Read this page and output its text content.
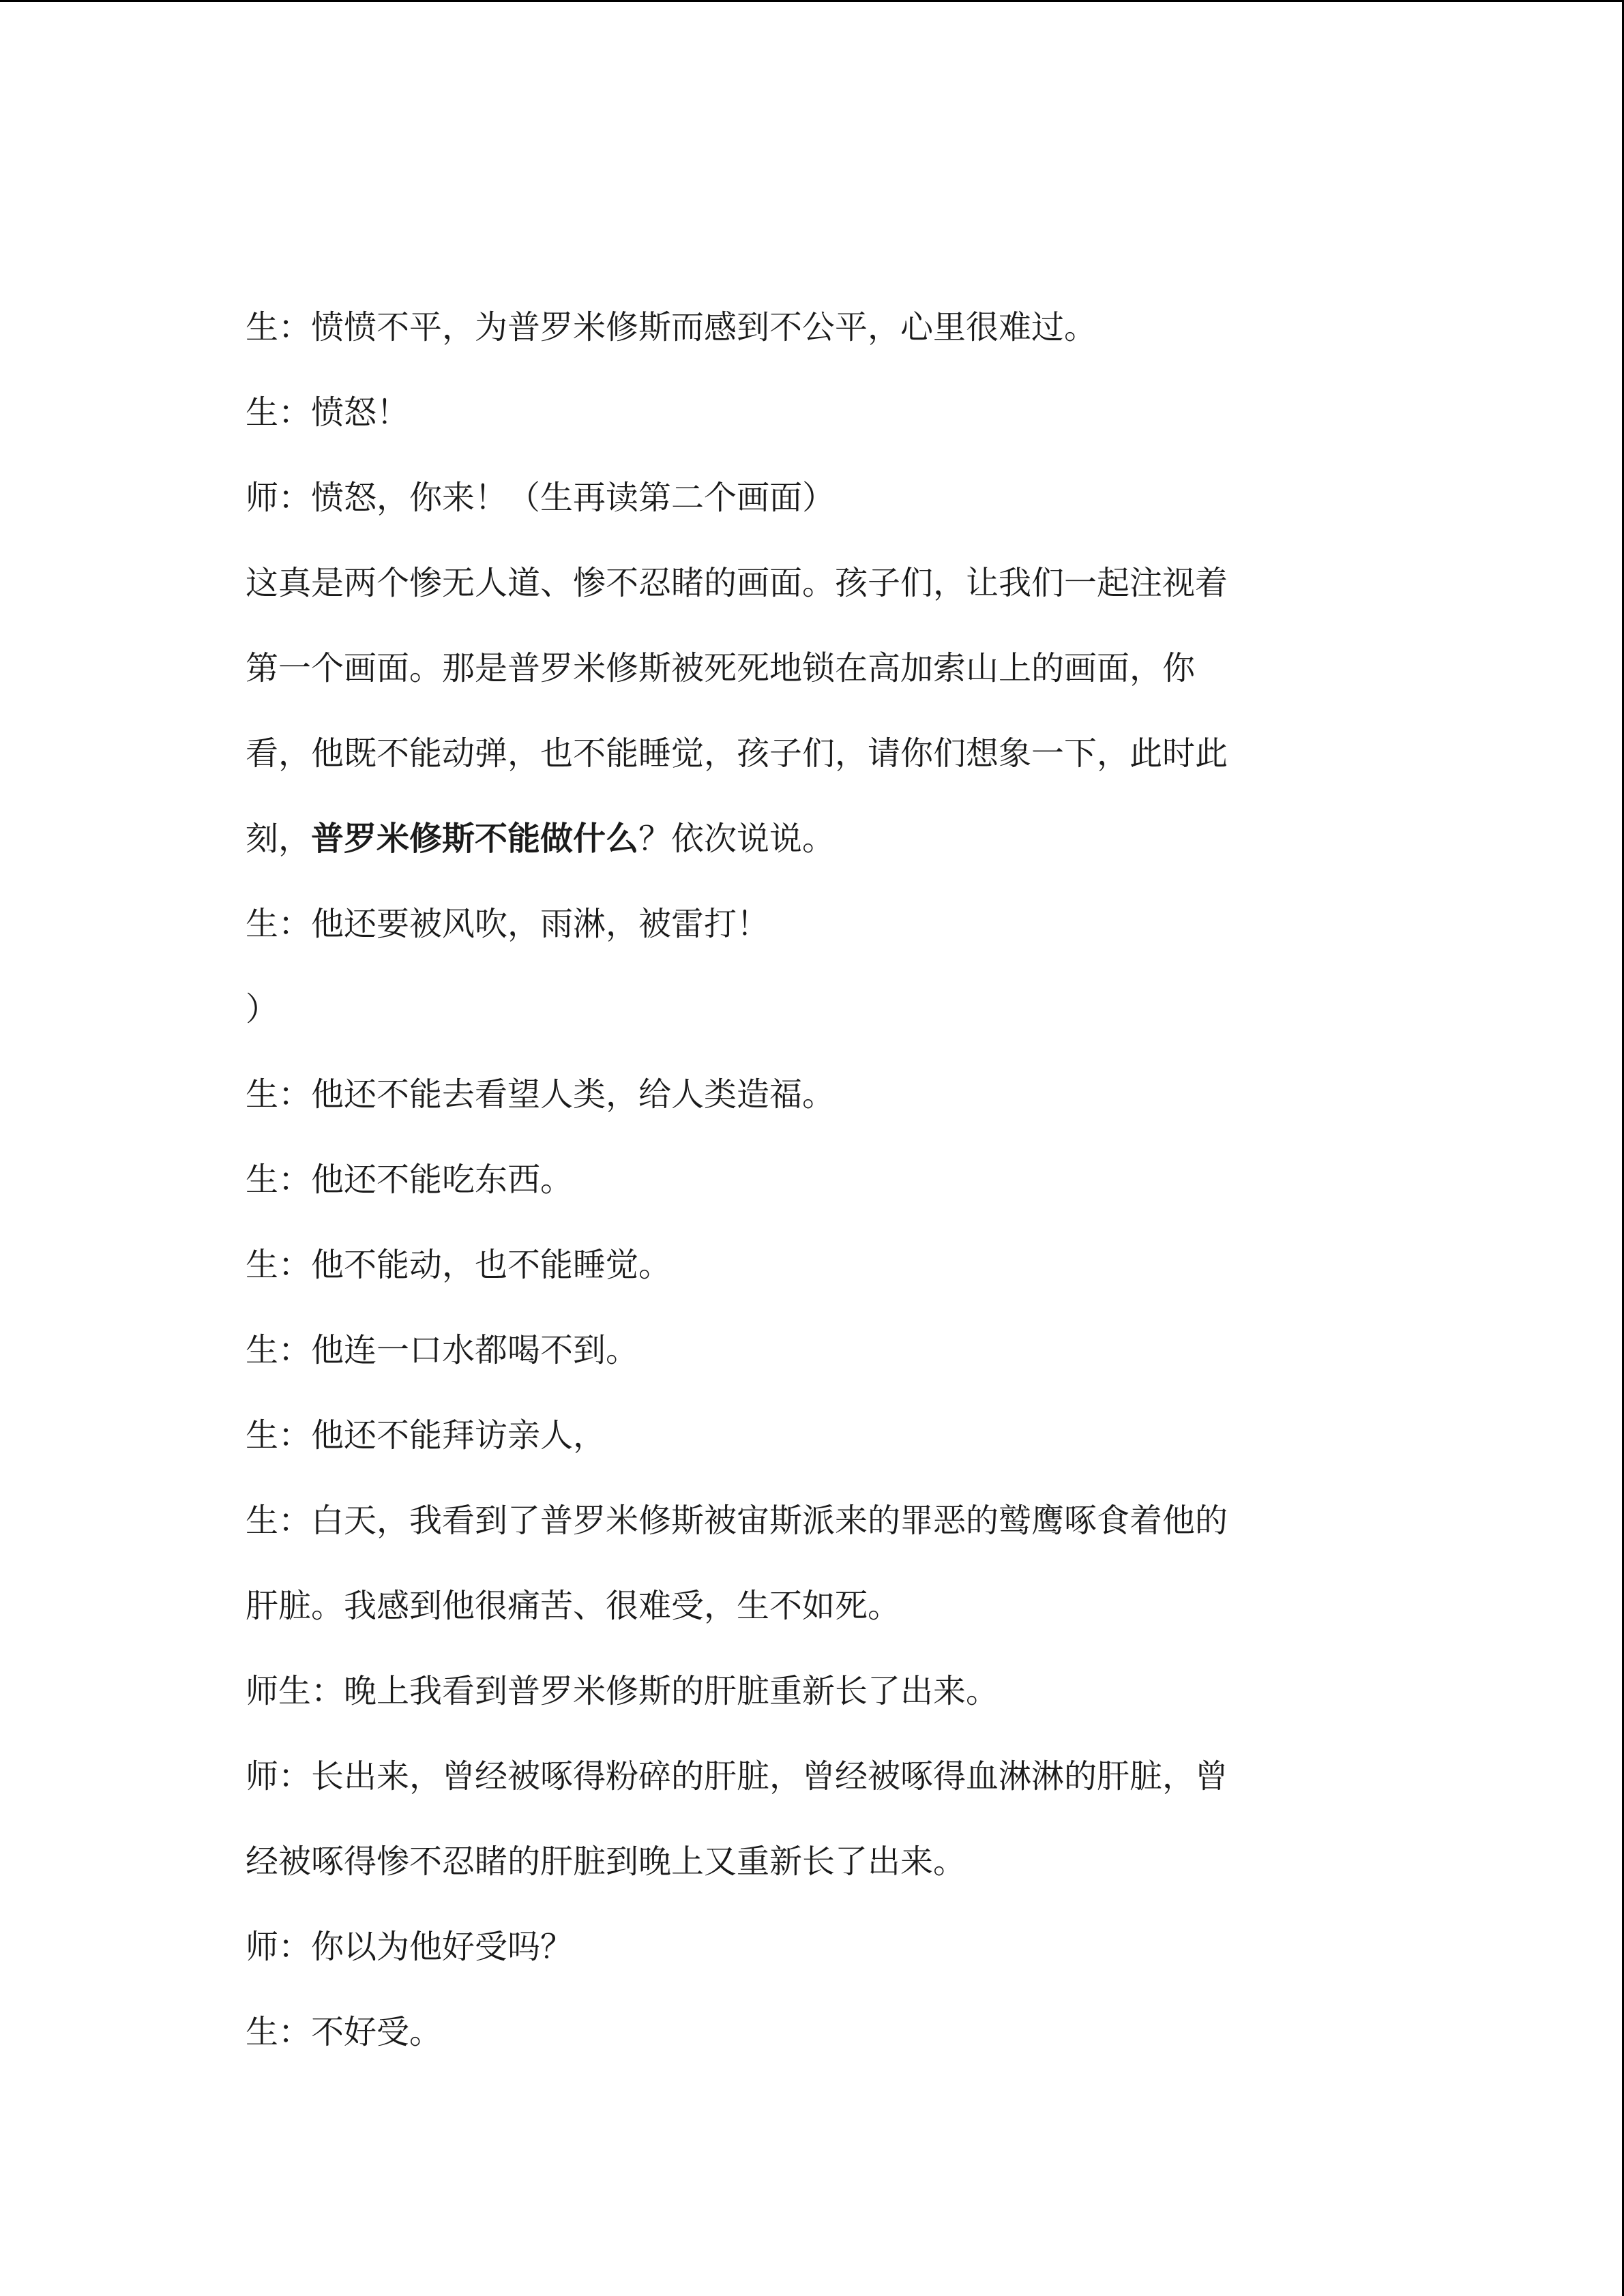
生：愤愤不平，为普罗米修斯而感到不公平，心里很难过。
生：愤怒！
师：愤怒，你来！（生再读第二个画面）
这真是两个惨无人道、惨不忍睹的画面。孩子们，让我们一起注视着
第一个画面。那是普罗米修斯被死死地锁在高加索山上的画面，你
看，他既不能动弹，也不能睡觉，孩子们，请你们想象一下，此时此
刻，普罗米修斯不能做什么？依次说说。
生：他还要被风吹，雨淋，被雷打！
）
生：他还不能去看望人类，给人类造福。
生：他还不能吃东西。
生：他不能动，也不能睡觉。
生：他连一口水都喝不到。
生：他还不能拜访亲人，
生：白天，我看到了普罗米修斯被宙斯派来的罪恶的鹫鹰啄食着他的
肝脏。我感到他很痛苦、很难受，生不如死。
师生：晚上我看到普罗米修斯的肝脏重新长了出来。
师：长出来，曾经被啄得粉碎的肝脏，曾经被啄得血淋淋的肝脏，曾
经被啄得惨不忍睹的肝脏到晚上又重新长了出来。
师：你以为他好受吗？
生：不好受。
